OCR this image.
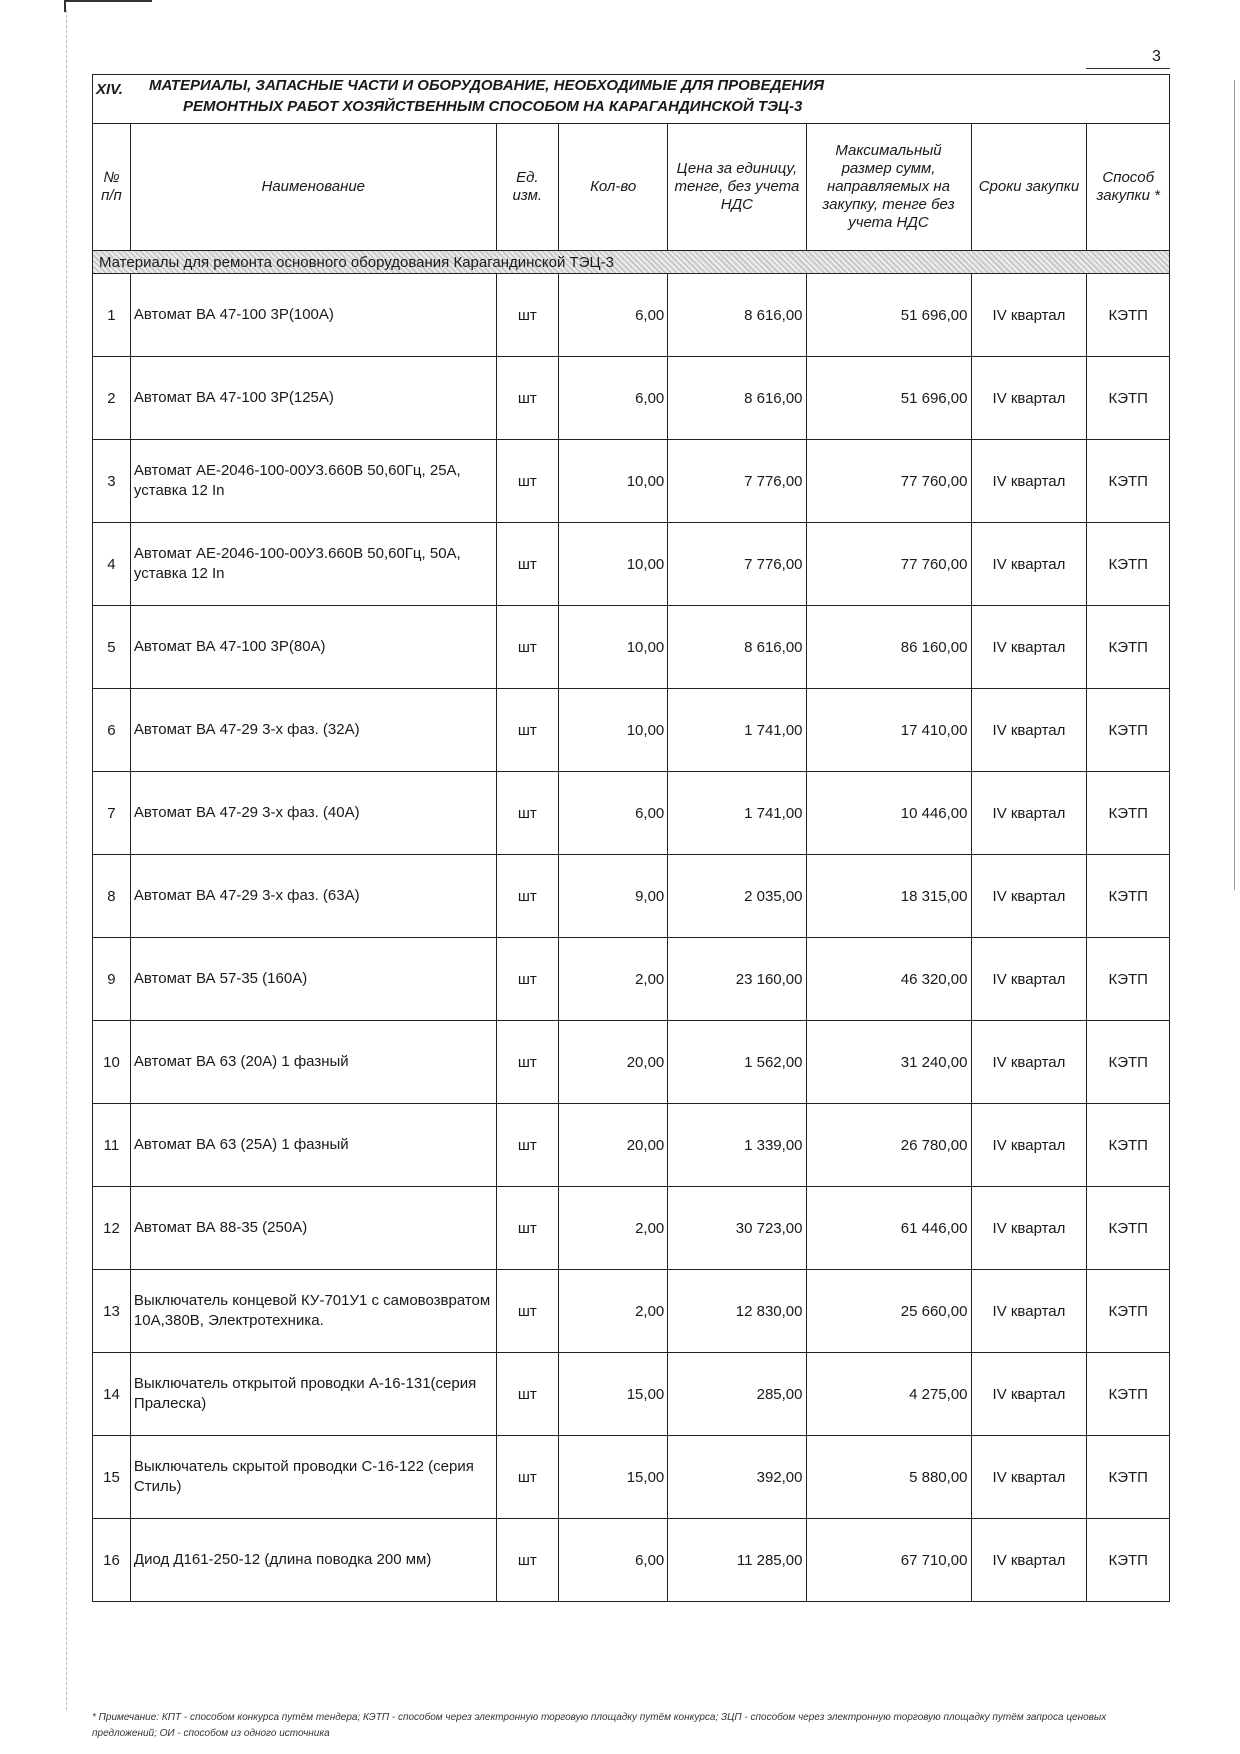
3
XIV. МАТЕРИАЛЫ, ЗАПАСНЫЕ ЧАСТИ И ОБОРУДОВАНИЕ, НЕОБХОДИМЫЕ ДЛЯ ПРОВЕДЕНИЯ
РЕМОНТНЫХ РАБОТ ХОЗЯЙСТВЕННЫМ СПОСОБОМ НА КАРАГАНДИНСКОЙ ТЭЦ-3
№ п/п	Наименование	Ед. изм.	Кол-во	Цена за единицу, тенге, без учета НДС	Максимальный размер сумм, направляемых на закупку, тенге без учета НДС	Сроки закупки	Способ закупки *
Материалы для ремонта основного оборудования Карагандинской ТЭЦ-3							
1	Автомат ВА 47-100 3Р(100А)	шт	6,00	8 616,00	51 696,00	IV квартал	КЭТП
2	Автомат ВА 47-100 3Р(125А)	шт	6,00	8 616,00	51 696,00	IV квартал	КЭТП
3	Автомат АЕ-2046-100-00У3.660В 50,60Гц, 25А, уставка 12 In	шт	10,00	7 776,00	77 760,00	IV квартал	КЭТП
4	Автомат АЕ-2046-100-00У3.660В 50,60Гц, 50А, уставка 12 In	шт	10,00	7 776,00	77 760,00	IV квартал	КЭТП
5	Автомат ВА 47-100 3Р(80А)	шт	10,00	8 616,00	86 160,00	IV квартал	КЭТП
6	Автомат ВА 47-29 3-х фаз. (32А)	шт	10,00	1 741,00	17 410,00	IV квартал	КЭТП
7	Автомат ВА 47-29 3-х фаз. (40А)	шт	6,00	1 741,00	10 446,00	IV квартал	КЭТП
8	Автомат ВА 47-29 3-х фаз. (63А)	шт	9,00	2 035,00	18 315,00	IV квартал	КЭТП
9	Автомат ВА 57-35 (160А)	шт	2,00	23 160,00	46 320,00	IV квартал	КЭТП
10	Автомат ВА 63 (20А) 1 фазный	шт	20,00	1 562,00	31 240,00	IV квартал	КЭТП
11	Автомат ВА 63 (25А) 1 фазный	шт	20,00	1 339,00	26 780,00	IV квартал	КЭТП
12	Автомат ВА 88-35 (250А)	шт	2,00	30 723,00	61 446,00	IV квартал	КЭТП
13	Выключатель концевой КУ-701У1 с самовозвратом 10А,380В, Электротехника.	шт	2,00	12 830,00	25 660,00	IV квартал	КЭТП
14	Выключатель открытой проводки А-16-131(серия Пралеска)	шт	15,00	285,00	4 275,00	IV квартал	КЭТП
15	Выключатель скрытой проводки С-16-122 (серия Стиль)	шт	15,00	392,00	5 880,00	IV квартал	КЭТП
16	Диод Д161-250-12 (длина поводка 200 мм)	шт	6,00	11 285,00	67 710,00	IV квартал	КЭТП
* Примечание: КПТ - способом конкурса путём тендера; КЭТП - способом через электронную торговую площадку путём конкурса; ЗЦП - способом через электронную торговую площадку путём запроса ценовых предложений; ОИ - способом из одного источника
